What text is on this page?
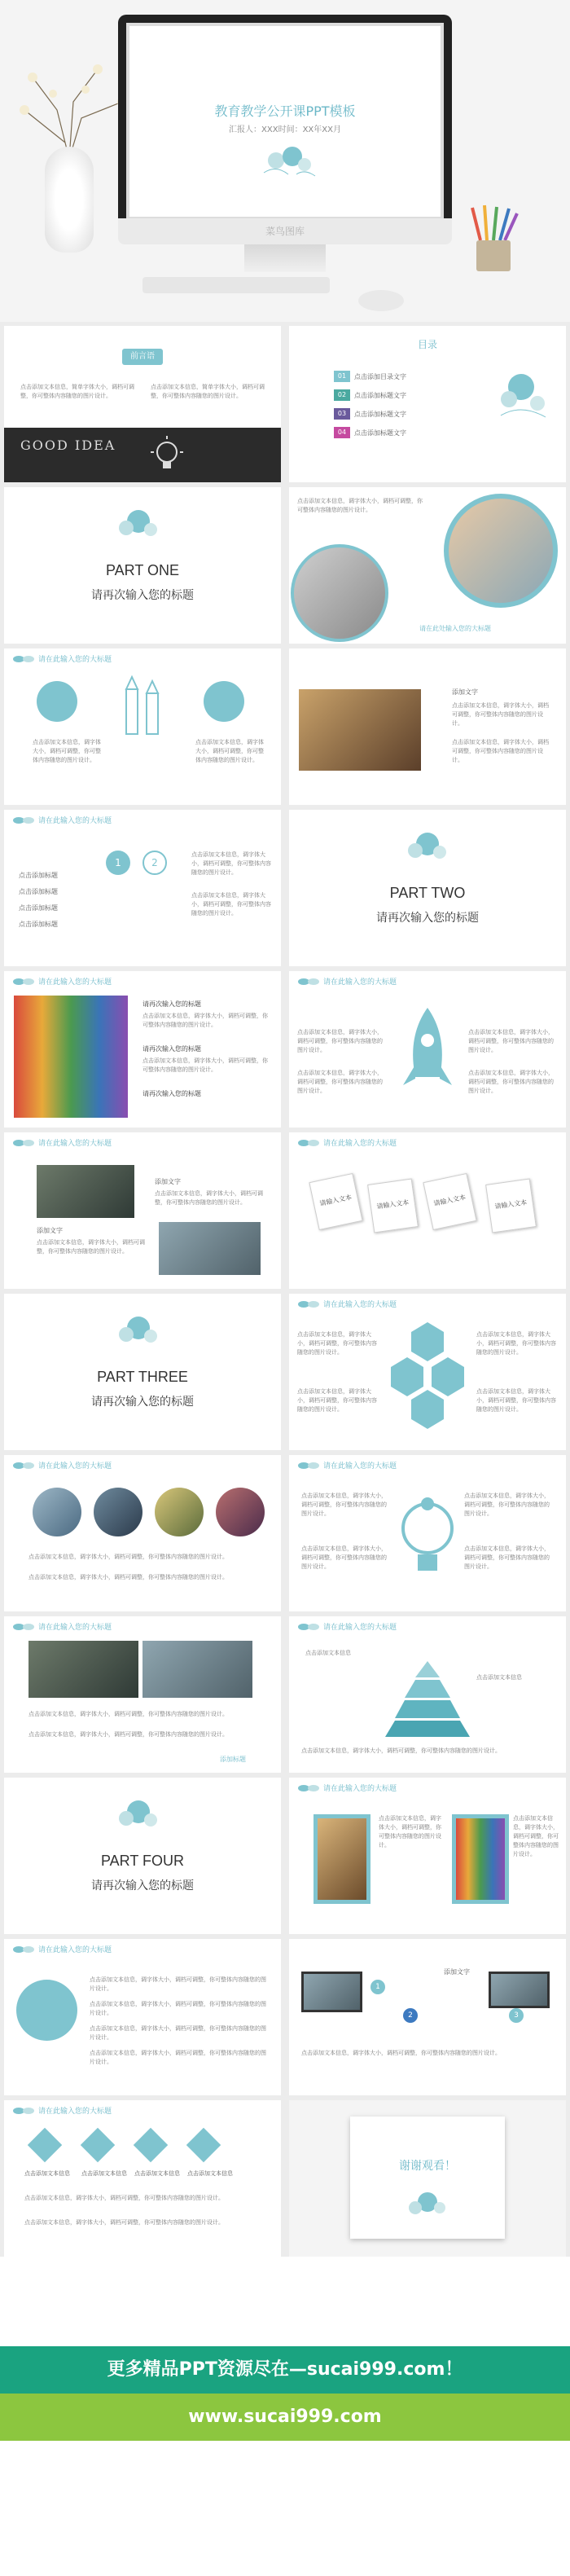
教育教学公开课PPT模板
汇报人：XXX时间：XX年XX月
菜鸟图库
前言语
点击添加文本信息，简单字体大小，调档可调整，你可整体内容随您的图片设计。
点击添加文本信息，简单字体大小，调档可调整，你可整体内容随您的图片设计。
GOOD IDEA
目录
01	点击添加目录文字
02	点击添加标题文字
03	点击添加标题文字
04	点击添加标题文字
PART ONE
请再次输入您的标题
点击添加文本信息，调字体大小，调档可调整，你可整体内容随您的图片设计。
请在此处输入您的大标题
请在此输入您的大标题
点击添加文本信息，调字体大小，调档可调整，你可整体内容随您的图片设计。
点击添加文本信息，调字体大小，调档可调整，你可整体内容随您的图片设计。
添加文字
点击添加文本信息，调字体大小，调档可调整，你可整体内容随您的图片设计。
点击添加文本信息，调字体大小，调档可调整，你可整体内容随您的图片设计。
请在此输入您的大标题
点击添加标题
点击添加标题
点击添加标题
点击添加标题
1	2
点击添加文本信息，调字体大小，调档可调整，你可整体内容随您的图片设计。
点击添加文本信息，调字体大小，调档可调整，你可整体内容随您的图片设计。
PART TWO
请再次输入您的标题
请在此输入您的大标题
请再次输入您的标题
点击添加文本信息，调字体大小，调档可调整，你可整体内容随您的图片设计。
请再次输入您的标题
点击添加文本信息，调字体大小，调档可调整，你可整体内容随您的图片设计。
请再次输入您的标题
请在此输入您的大标题
点击添加文本信息，调字体大小，调档可调整，你可整体内容随您的图片设计。
点击添加文本信息，调字体大小，调档可调整，你可整体内容随您的图片设计。
点击添加文本信息，调字体大小，调档可调整，你可整体内容随您的图片设计。
点击添加文本信息，调字体大小，调档可调整，你可整体内容随您的图片设计。
请在此输入您的大标题
添加文字
点击添加文本信息，调字体大小，调档可调整，你可整体内容随您的图片设计。
添加文字
点击添加文本信息，调字体大小，调档可调整，你可整体内容随您的图片设计。
请在此输入您的大标题
请输入文本	请输入文本	请输入文本	请输入文本
PART THREE
请再次输入您的标题
请在此输入您的大标题
点击添加文本信息，调字体大小，调档可调整，你可整体内容随您的图片设计。
点击添加文本信息，调字体大小，调档可调整，你可整体内容随您的图片设计。
点击添加文本信息，调字体大小，调档可调整，你可整体内容随您的图片设计。
点击添加文本信息，调字体大小，调档可调整，你可整体内容随您的图片设计。
请在此输入您的大标题
点击添加文本信息，调字体大小，调档可调整，你可整体内容随您的图片设计。
点击添加文本信息，调字体大小，调档可调整，你可整体内容随您的图片设计。
请在此输入您的大标题
点击添加文本信息，调字体大小，调档可调整，你可整体内容随您的图片设计。
点击添加文本信息，调字体大小，调档可调整，你可整体内容随您的图片设计。
点击添加文本信息，调字体大小，调档可调整，你可整体内容随您的图片设计。
点击添加文本信息，调字体大小，调档可调整，你可整体内容随您的图片设计。
请在此输入您的大标题
点击添加文本信息，调字体大小，调档可调整，你可整体内容随您的图片设计。
点击添加文本信息，调字体大小，调档可调整，你可整体内容随您的图片设计。
添加标题
请在此输入您的大标题
点击添加文本信息
点击添加文本信息
点击添加文本信息，调字体大小，调档可调整，你可整体内容随您的图片设计。
PART FOUR
请再次输入您的标题
请在此输入您的大标题
点击添加文本信息，调字体大小，调档可调整，你可整体内容随您的图片设计。
点击添加文本信息，调字体大小，调档可调整，你可整体内容随您的图片设计。
请在此输入您的大标题
点击添加文本信息，调字体大小，调档可调整，你可整体内容随您的图片设计。
点击添加文本信息，调字体大小，调档可调整，你可整体内容随您的图片设计。
点击添加文本信息，调字体大小，调档可调整，你可整体内容随您的图片设计。
点击添加文本信息，调字体大小，调档可调整，你可整体内容随您的图片设计。
1
2	3
添加文字
点击添加文本信息，调字体大小，调档可调整，你可整体内容随您的图片设计。
请在此输入您的大标题
点击添加文本信息 点击添加文本信息 点击添加文本信息 点击添加文本信息
点击添加文本信息，调字体大小，调档可调整，你可整体内容随您的图片设计。
点击添加文本信息，调字体大小，调档可调整，你可整体内容随您的图片设计。
谢谢观看！
更多精品PPT资源尽在—sucai999.com！
www.sucai999.com
